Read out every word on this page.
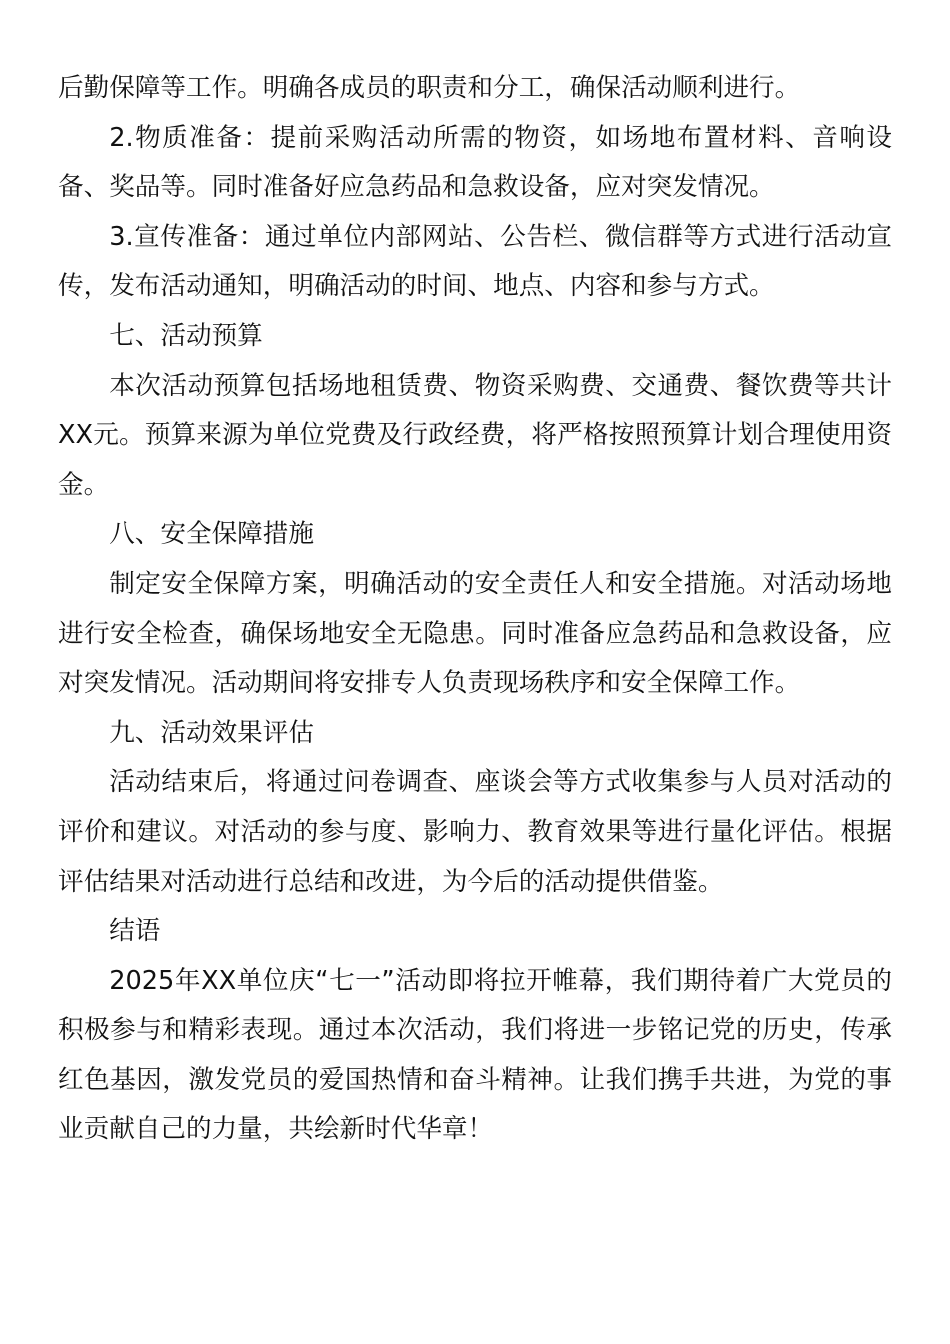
后勤保障等工作。明确各成员的职责和分工，确保活动顺利进行。

2.物质准备：提前采购活动所需的物资，如场地布置材料、音响设备、奖品等。同时准备好应急药品和急救设备，应对突发情况。

3.宣传准备：通过单位内部网站、公告栏、微信群等方式进行活动宣传，发布活动通知，明确活动的时间、地点、内容和参与方式。

七、活动预算

本次活动预算包括场地租赁费、物资采购费、交通费、餐饮费等共计XX元。预算来源为单位党费及行政经费，将严格按照预算计划合理使用资金。

八、安全保障措施

制定安全保障方案，明确活动的安全责任人和安全措施。对活动场地进行安全检查，确保场地安全无隐患。同时准备应急药品和急救设备，应对突发情况。活动期间将安排专人负责现场秩序和安全保障工作。

九、活动效果评估

活动结束后，将通过问卷调查、座谈会等方式收集参与人员对活动的评价和建议。对活动的参与度、影响力、教育效果等进行量化评估。根据评估结果对活动进行总结和改进，为今后的活动提供借鉴。

结语

2025年XX单位庆“七一”活动即将拉开帷幕，我们期待着广大党员的积极参与和精彩表现。通过本次活动，我们将进一步铭记党的历史，传承红色基因，激发党员的爱国热情和奋斗精神。让我们携手共进，为党的事业贡献自己的力量，共绘新时代华章！
